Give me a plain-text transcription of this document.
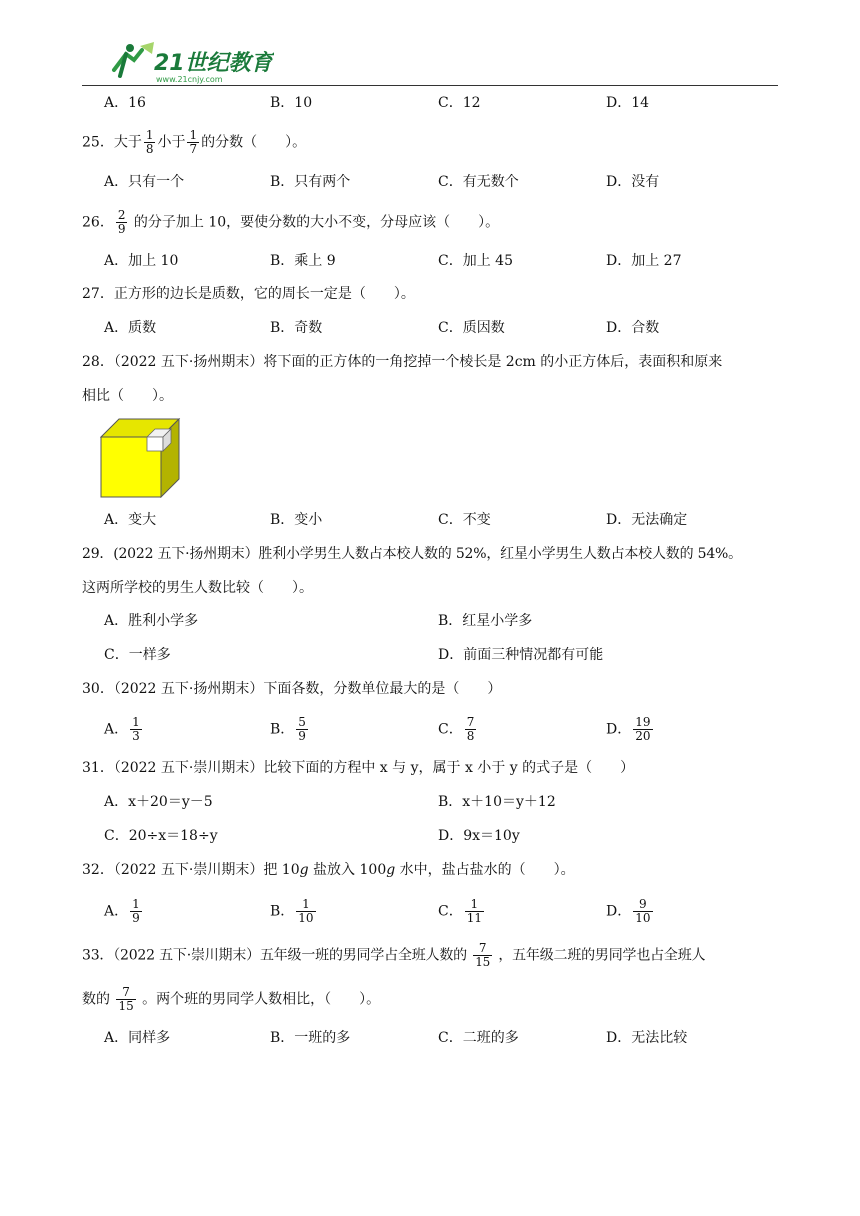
21世纪教育
www.21cnjy.com
A．16	B．10	C．12	D．14
25．大于 $\frac{1}{8}$ 小于 $\frac{1}{7}$ 的分数（　　）。
A．只有一个	B．只有两个	C．有无数个	D．没有
26． $\frac{2}{9}$ 的分子加上 10，要使分数的大小不变，分母应该（　　）。
A．加上 10	B．乘上 9	C．加上 45	D．加上 27
27．正方形的边长是质数，它的周长一定是（　　）。
A．质数	B．奇数	C．质因数	D．合数
28．（2022 五下·扬州期末）将下面的正方体的一角挖掉一个棱长是 2cm 的小正方体后，表面积和原来
相比（　　）。
A．变大	B．变小	C．不变	D．无法确定
29．(2022 五下·扬州期末）胜利小学男生人数占本校人数的 52%，红星小学男生人数占本校人数的 54%。
这两所学校的男生人数比较（　　）。
A．胜利小学多	B．红星小学多
C．一样多	D．前面三种情况都有可能
30．（2022 五下·扬州期末）下面各数，分数单位最大的是（　　）
A． $\frac{1}{3}$	B． $\frac{5}{9}$	C． $\frac{7}{8}$	D． $\frac{19}{20}$
31．（2022 五下·崇川期末）比较下面的方程中 x 与 y，属于 x 小于 y 的式子是（　　）
A．x＋20＝y－5	B．x＋10＝y＋12
C．20÷x＝18÷y	D．9x＝10y
32．（2022 五下·崇川期末）把 10g 盐放入 100g 水中，盐占盐水的（　　）。
A． $\frac{1}{9}$	B． $\frac{1}{10}$	C． $\frac{1}{11}$	D． $\frac{9}{10}$
33．（2022 五下·崇川期末）五年级一班的男同学占全班人数的 $\frac{7}{15}$ ，五年级二班的男同学也占全班人
数的 $\frac{7}{15}$ 。两个班的男同学人数相比，（　　）。
A．同样多	B．一班的多	C．二班的多	D．无法比较
